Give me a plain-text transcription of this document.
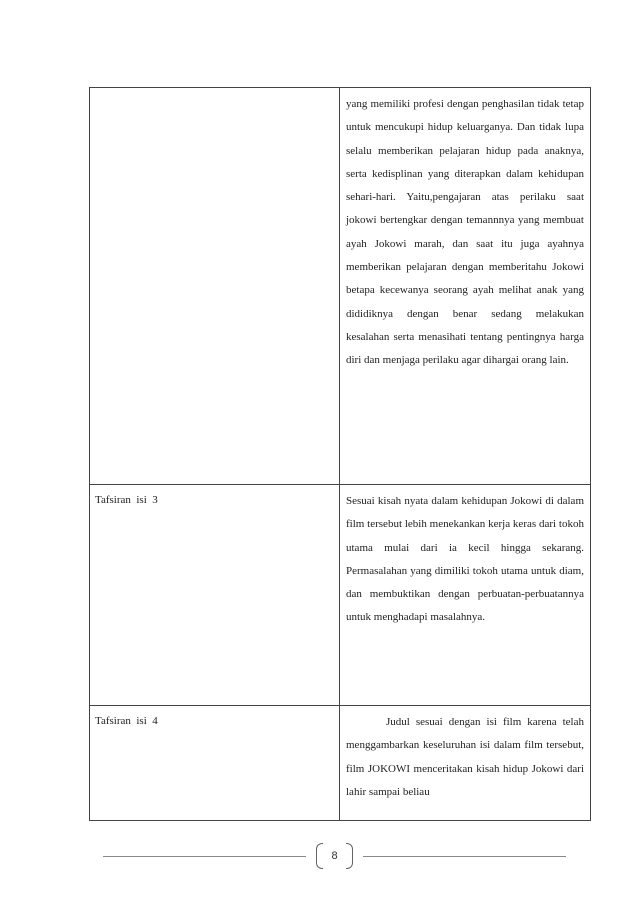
	yang memiliki profesi dengan penghasilan tidak tetap untuk mencukupi hidup keluarganya. Dan tidak lupa selalu memberikan pelajaran hidup pada anaknya, serta kedisplinan yang diterapkan dalam kehidupan sehari-hari. Yaitu,pengajaran atas perilaku saat jokowi bertengkar dengan temannnya yang membuat ayah Jokowi marah, dan saat itu juga ayahnya memberikan pelajaran dengan memberitahu Jokowi betapa kecewanya seorang ayah melihat anak yang dididiknya dengan benar sedang melakukan kesalahan serta menasihati tentang pentingnya harga diri dan menjaga perilaku agar dihargai orang lain.

Tafsiran  isi  3	Sesuai kisah nyata dalam kehidupan Jokowi di dalam film tersebut lebih menekankan kerja keras dari tokoh utama mulai dari ia kecil hingga sekarang. Permasalahan yang dimiliki tokoh utama untuk diam, dan membuktikan dengan perbuatan-perbuatannya untuk menghadapi masalahnya.

Tafsiran  isi  4	Judul sesuai dengan isi film karena telah menggambarkan keseluruhan isi dalam film tersebut, film JOKOWI menceritakan kisah hidup Jokowi dari lahir sampai beliau

8
